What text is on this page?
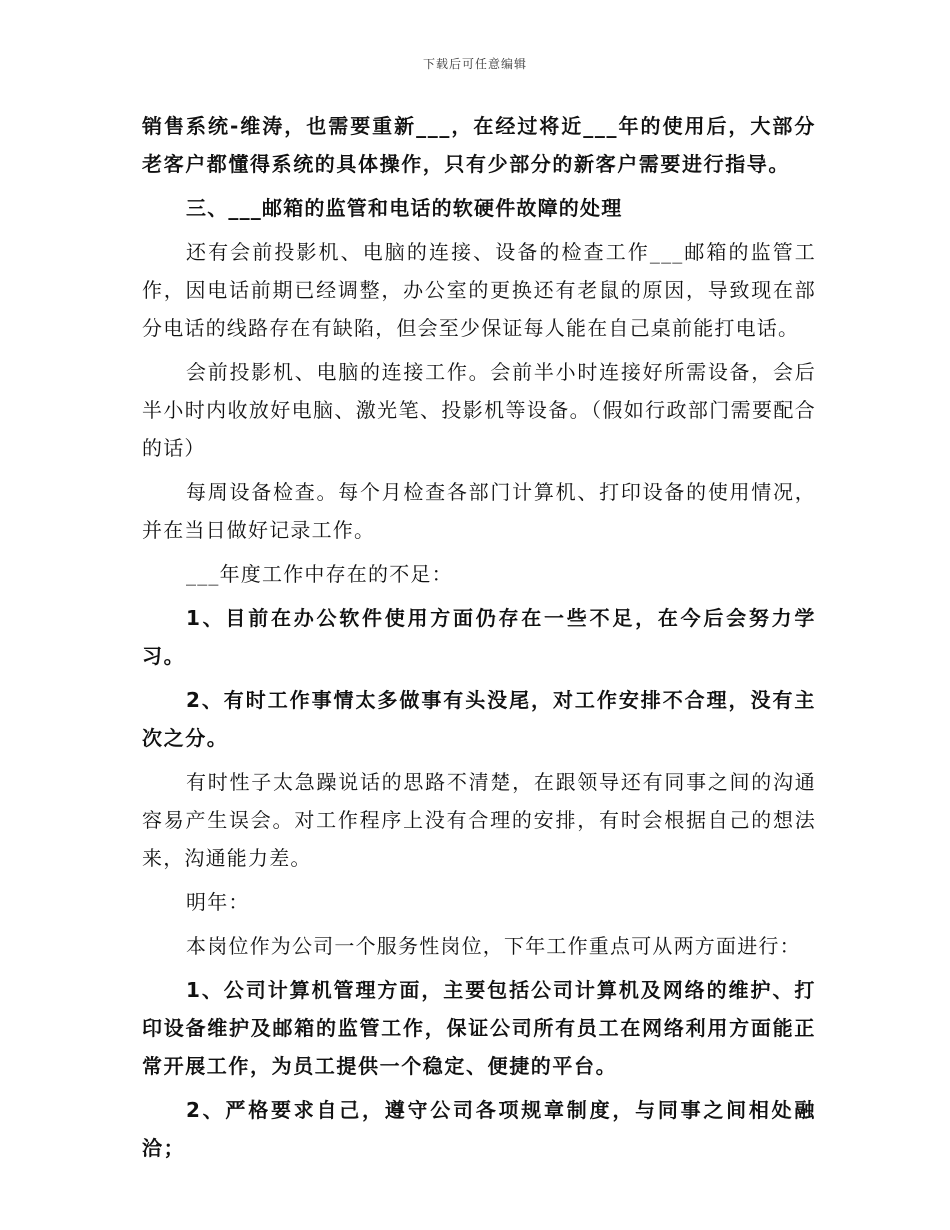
下载后可任意编辑

销售系统-维涛，也需要重新___，在经过将近___年的使用后，大部分老客户都懂得系统的具体操作，只有少部分的新客户需要进行指导。

三、___邮箱的监管和电话的软硬件故障的处理

还有会前投影机、电脑的连接、设备的检查工作___邮箱的监管工作，因电话前期已经调整，办公室的更换还有老鼠的原因，导致现在部分电话的线路存在有缺陷，但会至少保证每人能在自己桌前能打电话。

会前投影机、电脑的连接工作。会前半小时连接好所需设备，会后半小时内收放好电脑、激光笔、投影机等设备。（假如行政部门需要配合的话）

每周设备检查。每个月检查各部门计算机、打印设备的使用情况，并在当日做好记录工作。

___年度工作中存在的不足：

1、目前在办公软件使用方面仍存在一些不足，在今后会努力学习。

2、有时工作事情太多做事有头没尾，对工作安排不合理，没有主次之分。

有时性子太急躁说话的思路不清楚，在跟领导还有同事之间的沟通容易产生误会。对工作程序上没有合理的安排，有时会根据自己的想法来，沟通能力差。

明年：

本岗位作为公司一个服务性岗位，下年工作重点可从两方面进行：

1、公司计算机管理方面，主要包括公司计算机及网络的维护、打印设备维护及邮箱的监管工作，保证公司所有员工在网络利用方面能正常开展工作，为员工提供一个稳定、便捷的平台。

2、严格要求自己，遵守公司各项规章制度，与同事之间相处融洽；
